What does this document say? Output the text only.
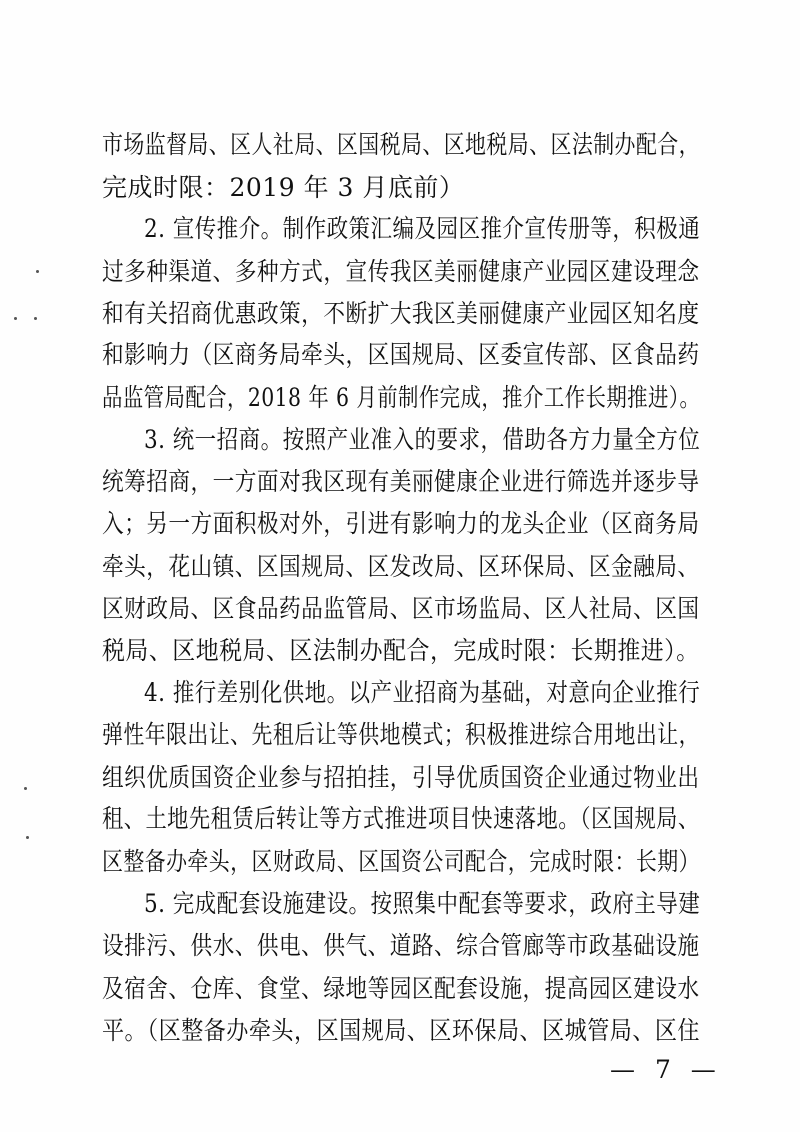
市场监督局、区人社局、区国税局、区地税局、区法制办配合，
完成时限：2019 年 3 月底前）
2. 宣传推介。制作政策汇编及园区推介宣传册等，积极通
过多种渠道、多种方式，宣传我区美丽健康产业园区建设理念
和有关招商优惠政策，不断扩大我区美丽健康产业园区知名度
和影响力（区商务局牵头，区国规局、区委宣传部、区食品药
品监管局配合，2018 年 6 月前制作完成，推介工作长期推进）。
3. 统一招商。按照产业准入的要求，借助各方力量全方位
统筹招商，一方面对我区现有美丽健康企业进行筛选并逐步导
入；另一方面积极对外，引进有影响力的龙头企业（区商务局
牵头，花山镇、区国规局、区发改局、区环保局、区金融局、
区财政局、区食品药品监管局、区市场监局、区人社局、区国
税局、区地税局、区法制办配合，完成时限：长期推进）。
4. 推行差别化供地。以产业招商为基础，对意向企业推行
弹性年限出让、先租后让等供地模式；积极推进综合用地出让，
组织优质国资企业参与招拍挂，引导优质国资企业通过物业出
租、土地先租赁后转让等方式推进项目快速落地。（区国规局、
区整备办牵头，区财政局、区国资公司配合，完成时限：长期）
5. 完成配套设施建设。按照集中配套等要求，政府主导建
设排污、供水、供电、供气、道路、综合管廊等市政基础设施
及宿舍、仓库、食堂、绿地等园区配套设施，提高园区建设水
平。（区整备办牵头，区国规局、区环保局、区城管局、区住
— 7 —
